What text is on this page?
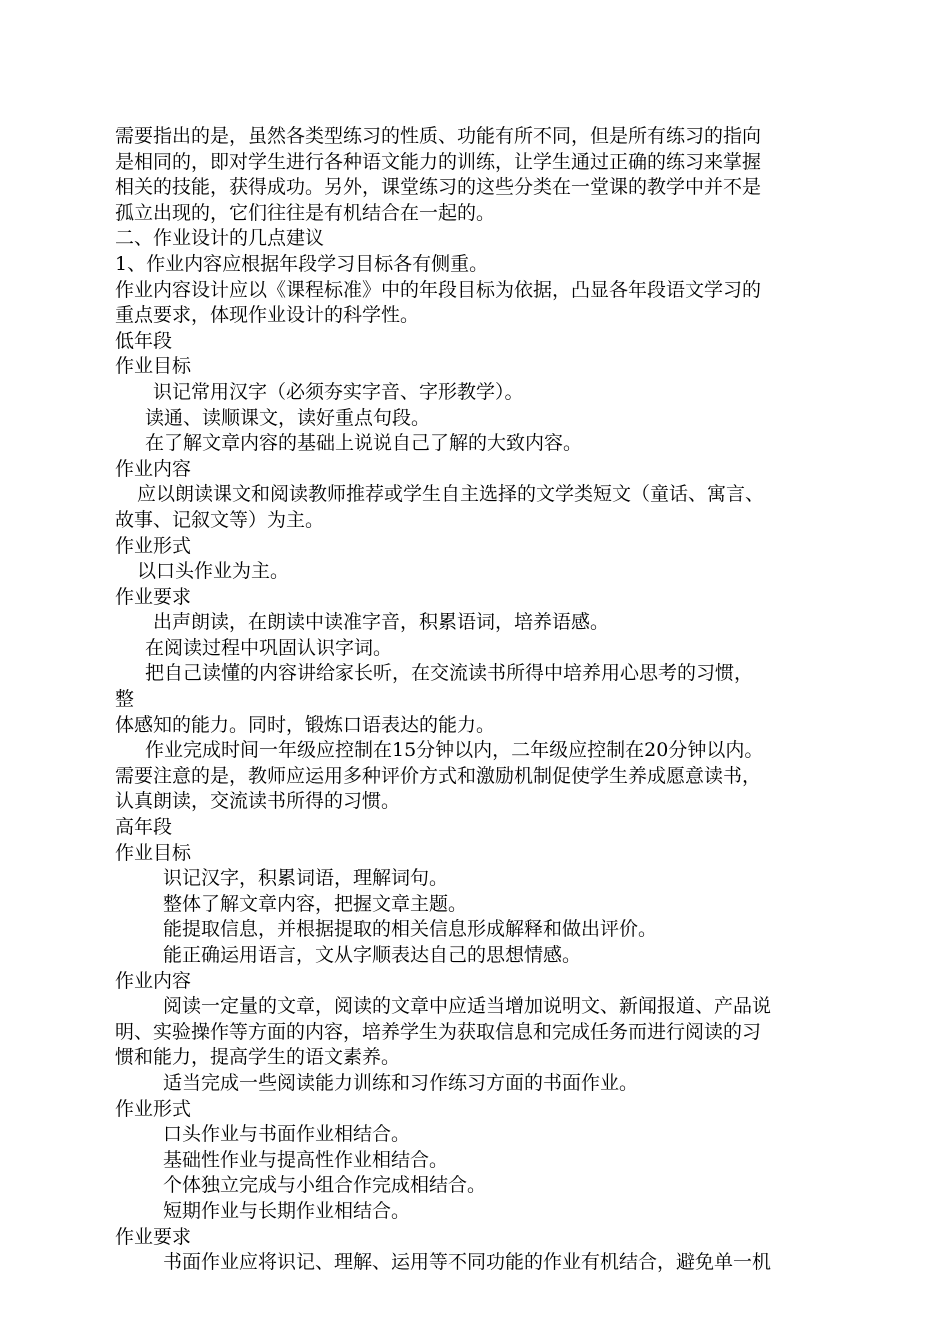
需要指出的是，虽然各类型练习的性质、功能有所不同，但是所有练习的指向
是相同的，即对学生进行各种语文能力的训练，让学生通过正确的练习来掌握
相关的技能，获得成功。另外，课堂练习的这些分类在一堂课的教学中并不是
孤立出现的，它们往往是有机结合在一起的。
二、作业设计的几点建议
1、作业内容应根据年段学习目标各有侧重。
作业内容设计应以《课程标准》中的年段目标为依据，凸显各年段语文学习的
重点要求，体现作业设计的科学性。
低年段
作业目标
识记常用汉字（必须夯实字音、字形教学）。
读通、读顺课文，读好重点句段。
在了解文章内容的基础上说说自己了解的大致内容。
作业内容
应以朗读课文和阅读教师推荐或学生自主选择的文学类短文（童话、寓言、
故事、记叙文等）为主。
作业形式
以口头作业为主。
作业要求
出声朗读，在朗读中读准字音，积累语词，培养语感。
在阅读过程中巩固认识字词。
把自己读懂的内容讲给家长听，在交流读书所得中培养用心思考的习惯，
整
体感知的能力。同时，锻炼口语表达的能力。
作业完成时间一年级应控制在15分钟以内，二年级应控制在20分钟以内。
需要注意的是，教师应运用多种评价方式和激励机制促使学生养成愿意读书，
认真朗读，交流读书所得的习惯。
高年段
作业目标
识记汉字，积累词语，理解词句。
整体了解文章内容，把握文章主题。
能提取信息，并根据提取的相关信息形成解释和做出评价。
能正确运用语言，文从字顺表达自己的思想情感。
作业内容
阅读一定量的文章，阅读的文章中应适当增加说明文、新闻报道、产品说
明、实验操作等方面的内容，培养学生为获取信息和完成任务而进行阅读的习
惯和能力，提高学生的语文素养。
适当完成一些阅读能力训练和习作练习方面的书面作业。
作业形式
口头作业与书面作业相结合。
基础性作业与提高性作业相结合。
个体独立完成与小组合作完成相结合。
短期作业与长期作业相结合。
作业要求
书面作业应将识记、理解、运用等不同功能的作业有机结合，避免单一机
